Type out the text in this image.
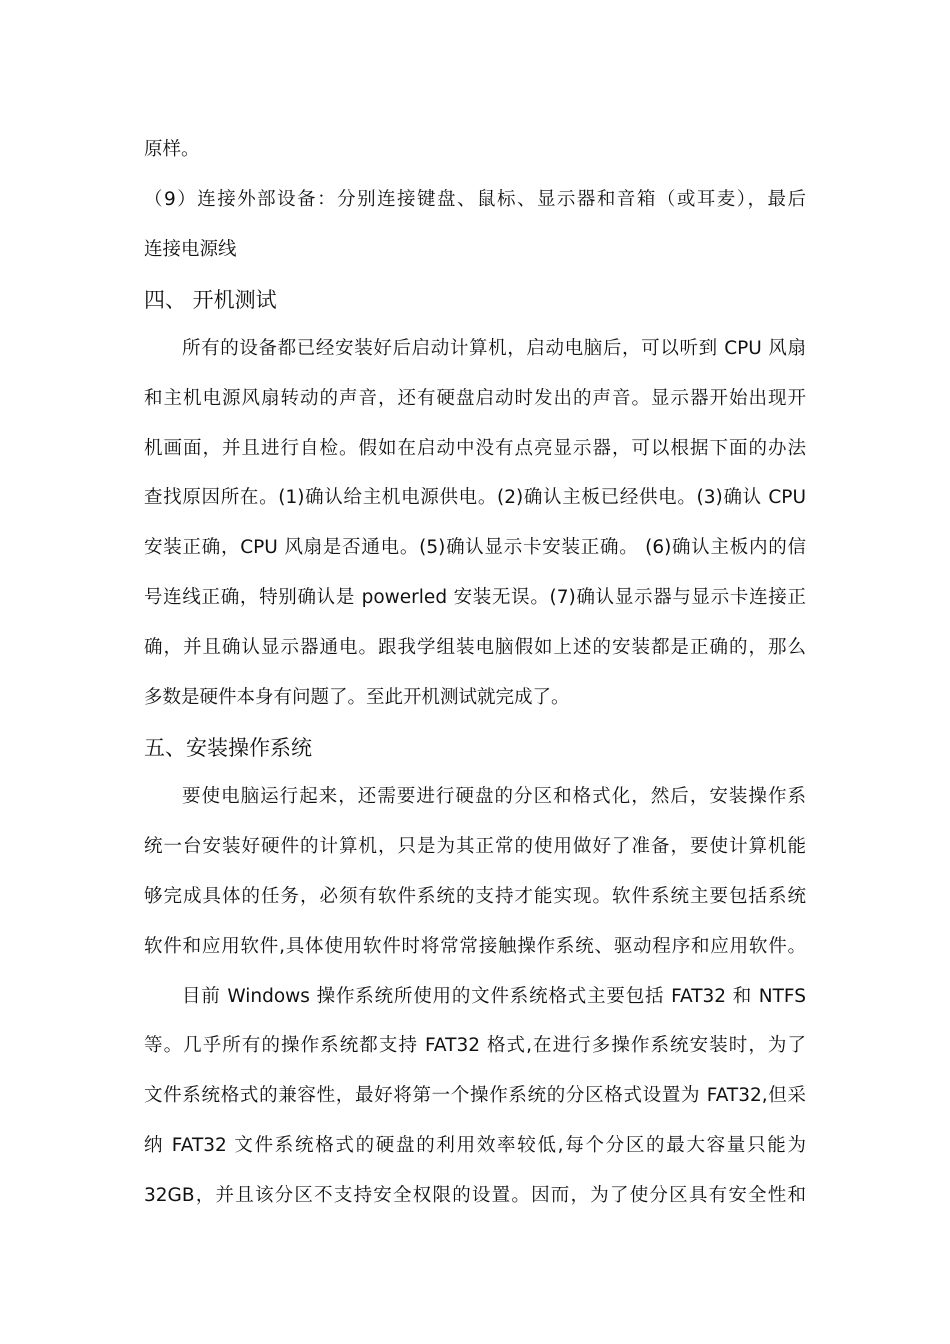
原样。
（9）连接外部设备：分别连接键盘、鼠标、显示器和音箱（或耳麦），最后
连接电源线
四、 开机测试
所有的设备都已经安装好后启动计算机，启动电脑后，可以听到 CPU 风扇
和主机电源风扇转动的声音，还有硬盘启动时发出的声音。显示器开始出现开
机画面，并且进行自检。假如在启动中没有点亮显示器，可以根据下面的办法
查找原因所在。(1)确认给主机电源供电。(2)确认主板已经供电。(3)确认 CPU
安装正确，CPU 风扇是否通电。(5)确认显示卡安装正确。 (6)确认主板内的信
号连线正确，特别确认是 powerled 安装无误。(7)确认显示器与显示卡连接正
确，并且确认显示器通电。跟我学组装电脑假如上述的安装都是正确的，那么
多数是硬件本身有问题了。至此开机测试就完成了。
五、安装操作系统
要使电脑运行起来，还需要进行硬盘的分区和格式化，然后，安装操作系
统一台安装好硬件的计算机，只是为其正常的使用做好了准备，要使计算机能
够完成具体的任务，必须有软件系统的支持才能实现。软件系统主要包括系统
软件和应用软件,具体使用软件时将常常接触操作系统、驱动程序和应用软件。
目前 Windows 操作系统所使用的文件系统格式主要包括 FAT32 和 NTFS
等。几乎所有的操作系统都支持 FAT32 格式,在进行多操作系统安装时，为了
文件系统格式的兼容性，最好将第一个操作系统的分区格式设置为 FAT32,但采
纳 FAT32 文件系统格式的硬盘的利用效率较低,每个分区的最大容量只能为
32GB，并且该分区不支持安全权限的设置。因而，为了使分区具有安全性和
